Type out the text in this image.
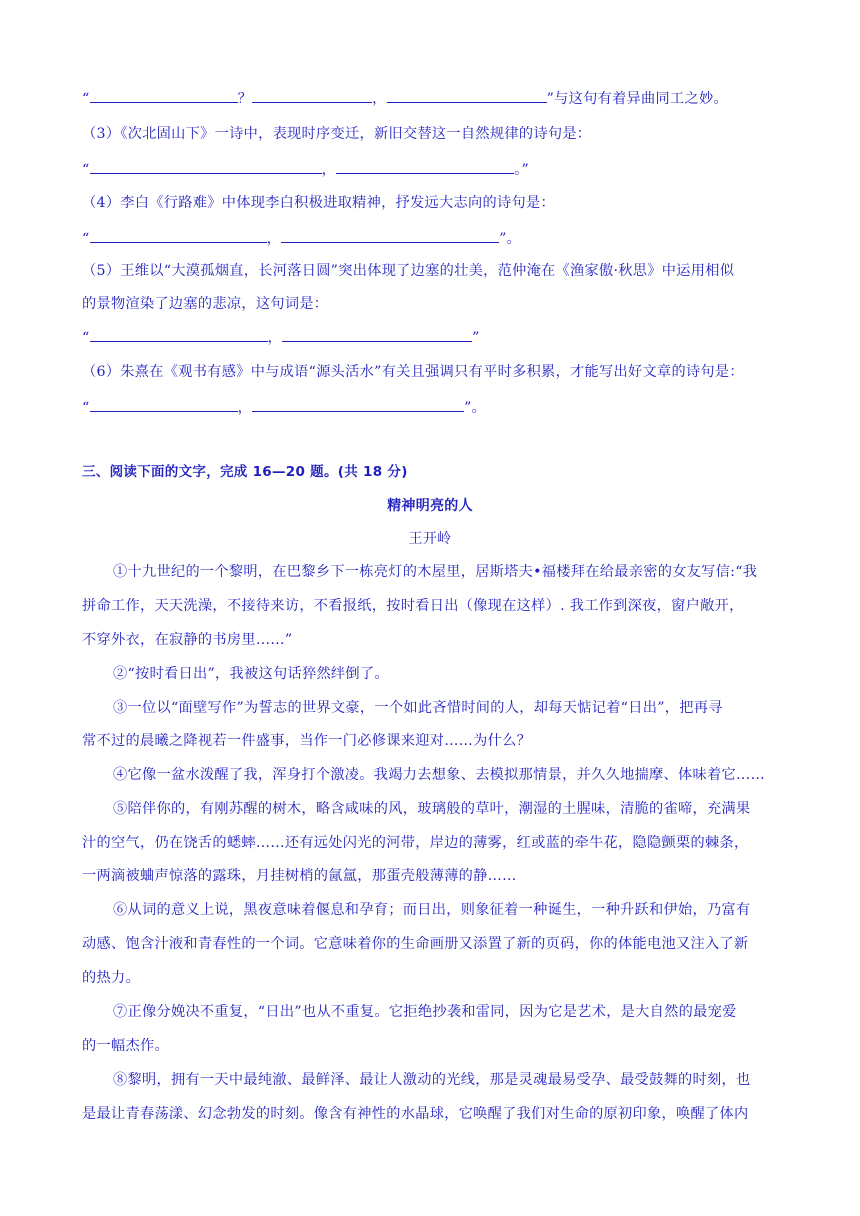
“	？	，	”与这句有着异曲同工之妙。
（3）《次北固山下》一诗中，表现时序变迁，新旧交替这一自然规律的诗句是：
“	，	。”
（4）李白《行路难》中体现李白积极进取精神，抒发远大志向的诗句是：
“	，	”。
（5）王维以“大漠孤烟直，长河落日圆”突出体现了边塞的壮美，范仲淹在《渔家傲·秋思》中运用相似
的景物渲染了边塞的悲凉，这句词是：
“	，	”
（6）朱熹在《观书有感》中与成语“源头活水”有关且强调只有平时多积累，才能写出好文章的诗句是：
“	，	”。
三、阅读下面的文字，完成 16—20 题。(共 18 分)
精神明亮的人
王开岭
①十九世纪的一个黎明，在巴黎乡下一栋亮灯的木屋里，居斯塔夫•福楼拜在给最亲密的女友写信:“我
拼命工作，天天洗澡，不接待来访，不看报纸，按时看日出（像现在这样）. 我工作到深夜，窗户敞开，
不穿外衣，在寂静的书房里……”
②“按时看日出”，我被这句话猝然绊倒了。
③一位以“面壁写作”为誓志的世界文豪，一个如此吝惜时间的人，却每天惦记着“日出”，把再寻
常不过的晨曦之降视若一件盛事，当作一门必修课来迎对……为什么？
④它像一盆水泼醒了我，浑身打个激凌。我竭力去想象、去模拟那情景，并久久地揣摩、体味着它……
⑤陪伴你的，有刚苏醒的树木，略含咸味的风，玻璃般的草叶，潮湿的土腥味，清脆的雀啼，充满果
汁的空气，仍在饶舌的蟋蟀……还有远处闪光的河带，岸边的薄雾，红或蓝的牵牛花，隐隐颤栗的棘条，
一两滴被蛐声惊落的露珠，月挂树梢的氤氲，那蛋壳般薄薄的静……
⑥从词的意义上说，黑夜意味着偃息和孕育；而日出，则象征着一种诞生，一种升跃和伊始，乃富有
动感、饱含汁液和青春性的一个词。它意味着你的生命画册又添置了新的页码，你的体能电池又注入了新
的热力。
⑦正像分娩决不重复，“日出”也从不重复。它拒绝抄袭和雷同，因为它是艺术，是大自然的最宠爱
的一幅杰作。
⑧黎明，拥有一天中最纯澈、最鲜泽、最让人激动的光线，那是灵魂最易受孕、最受鼓舞的时刻，也
是最让青春荡漾、幻念勃发的时刻。像含有神性的水晶球，它唤醒了我们对生命的原初印象，唤醒了体内
